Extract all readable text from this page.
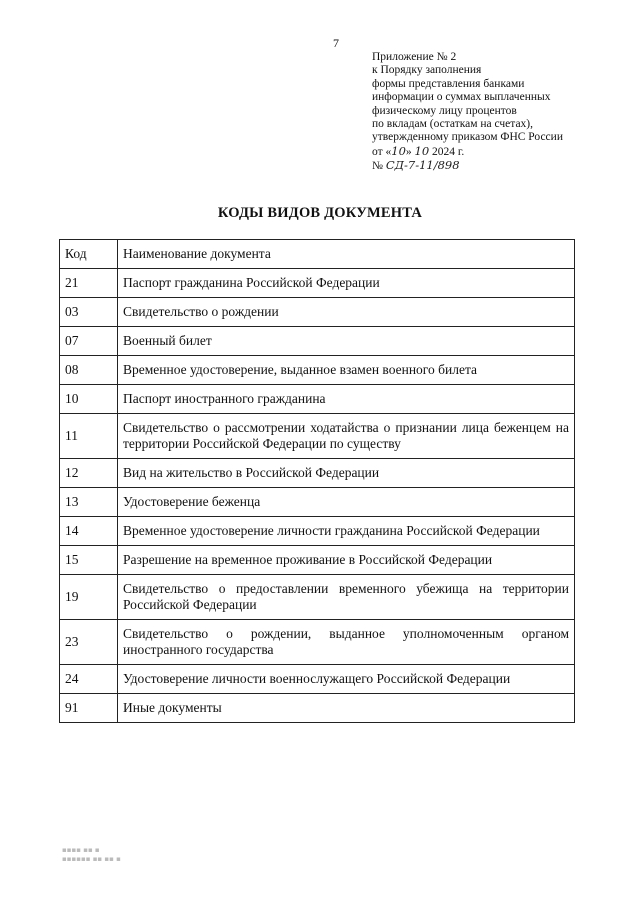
7
Приложение № 2
к Порядку заполнения
формы представления банками
информации о суммах выплаченных
физическому лицу процентов
по вкладам (остаткам на счетах),
утвержденному приказом ФНС России
от «10» 10 2024 г.
№ СД-7-11/898
КОДЫ ВИДОВ ДОКУМЕНТА
Код	Наименование документа
21	Паспорт гражданина Российской Федерации
03	Свидетельство о рождении
07	Военный билет
08	Временное удостоверение, выданное взамен военного билета
10	Паспорт иностранного гражданина
11	Свидетельство о рассмотрении ходатайства о признании лица беженцем на территории Российской Федерации по существу
12	Вид на жительство в Российской Федерации
13	Удостоверение беженца
14	Временное удостоверение личности гражданина Российской Федерации
15	Разрешение на временное проживание в Российской Федерации
19	Свидетельство о предоставлении временного убежища на территории Российской Федерации
23	Свидетельство о рождении, выданное уполномоченным органом иностранного государства
24	Удостоверение личности военнослужащего Российской Федерации
91	Иные документы
▪▪▪▪ ▪▪ ▪
▪▪▪▪▪▪ ▪▪ ▪▪ ▪
